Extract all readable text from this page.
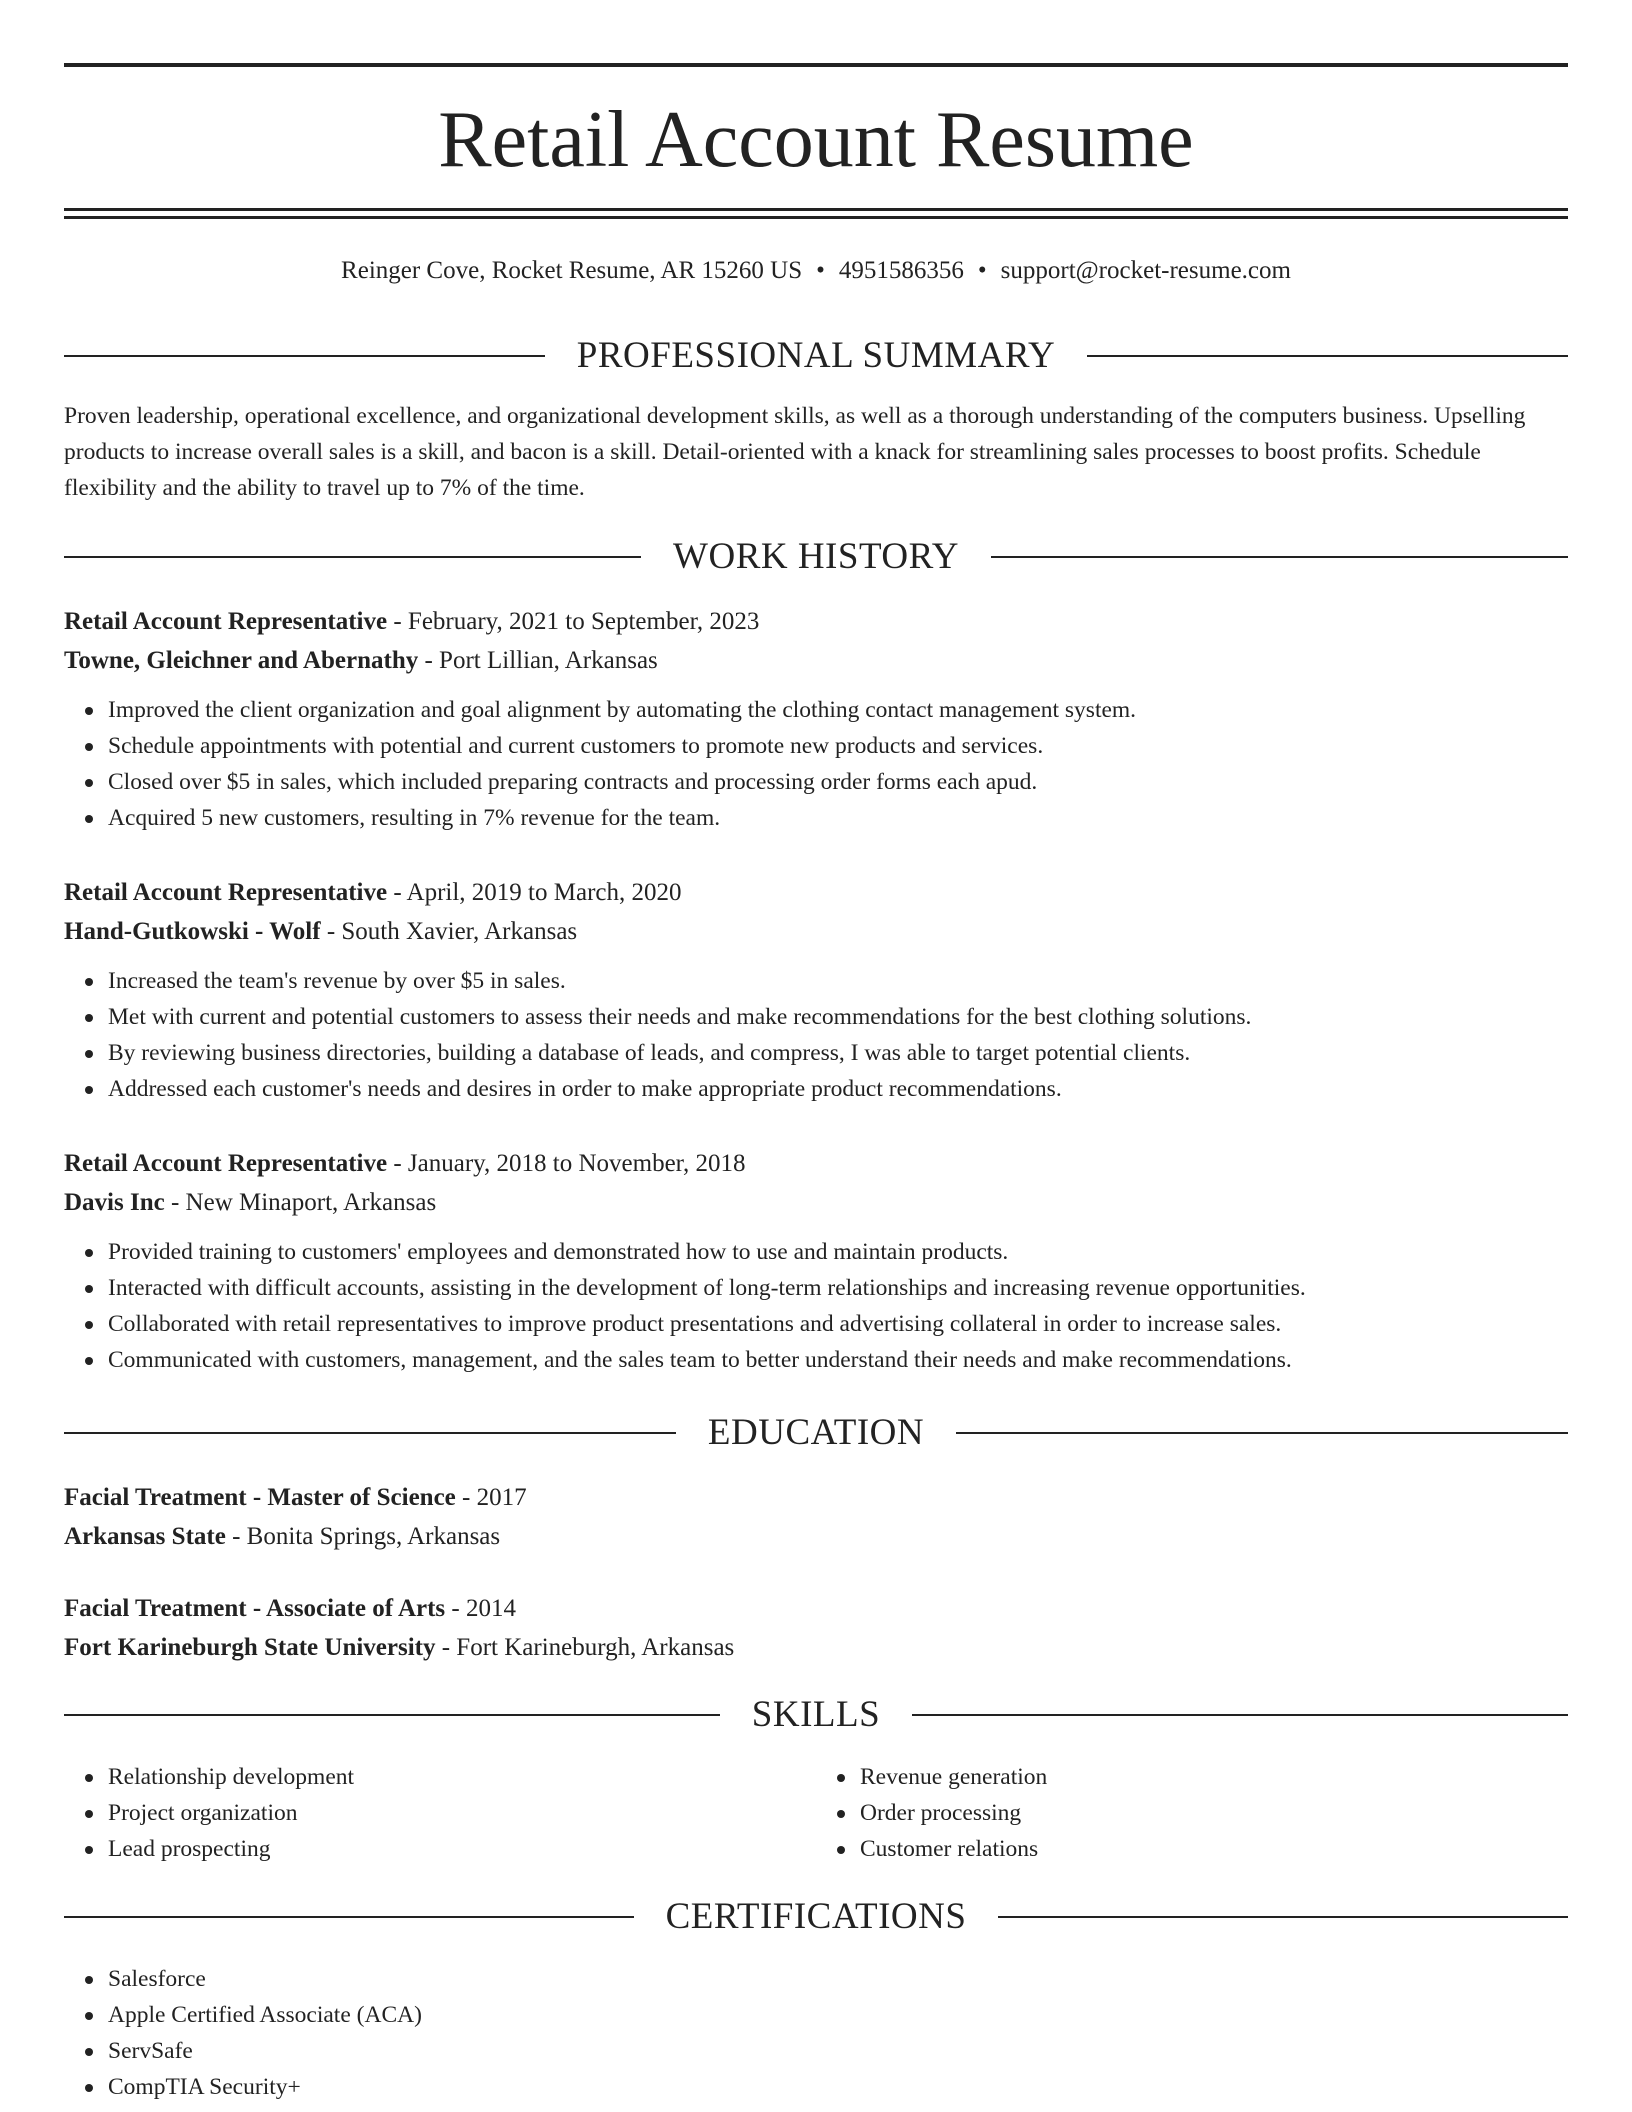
Retail Account Resume
Reinger Cove, Rocket Resume, AR 15260 US • 4951586356 • support@rocket-resume.com
PROFESSIONAL SUMMARY

Proven leadership, operational excellence, and organizational development skills, as well as a thorough understanding of the computers business. Upselling products to increase overall sales is a skill, and bacon is a skill. Detail-oriented with a knack for streamlining sales processes to boost profits. Schedule flexibility and the ability to travel up to 7% of the time.

WORK HISTORY
Retail Account Representative - February, 2021 to September, 2023
Towne, Gleichner and Abernathy - Port Lillian, Arkansas
Improved the client organization and goal alignment by automating the clothing contact management system.
Schedule appointments with potential and current customers to promote new products and services.
Closed over $5 in sales, which included preparing contracts and processing order forms each apud.
Acquired 5 new customers, resulting in 7% revenue for the team.
Retail Account Representative - April, 2019 to March, 2020
Hand-Gutkowski - Wolf - South Xavier, Arkansas
Increased the team's revenue by over $5 in sales.
Met with current and potential customers to assess their needs and make recommendations for the best clothing solutions.
By reviewing business directories, building a database of leads, and compress, I was able to target potential clients.
Addressed each customer's needs and desires in order to make appropriate product recommendations.
Retail Account Representative - January, 2018 to November, 2018
Davis Inc - New Minaport, Arkansas
Provided training to customers' employees and demonstrated how to use and maintain products.
Interacted with difficult accounts, assisting in the development of long-term relationships and increasing revenue opportunities.
Collaborated with retail representatives to improve product presentations and advertising collateral in order to increase sales.
Communicated with customers, management, and the sales team to better understand their needs and make recommendations.
EDUCATION
Facial Treatment - Master of Science - 2017
Arkansas State - Bonita Springs, Arkansas
Facial Treatment - Associate of Arts - 2014
Fort Karineburgh State University - Fort Karineburgh, Arkansas
SKILLS
Relationship development
Project organization
Lead prospecting
Revenue generation
Order processing
Customer relations
CERTIFICATIONS
Salesforce
Apple Certified Associate (ACA)
ServSafe
CompTIA Security+
